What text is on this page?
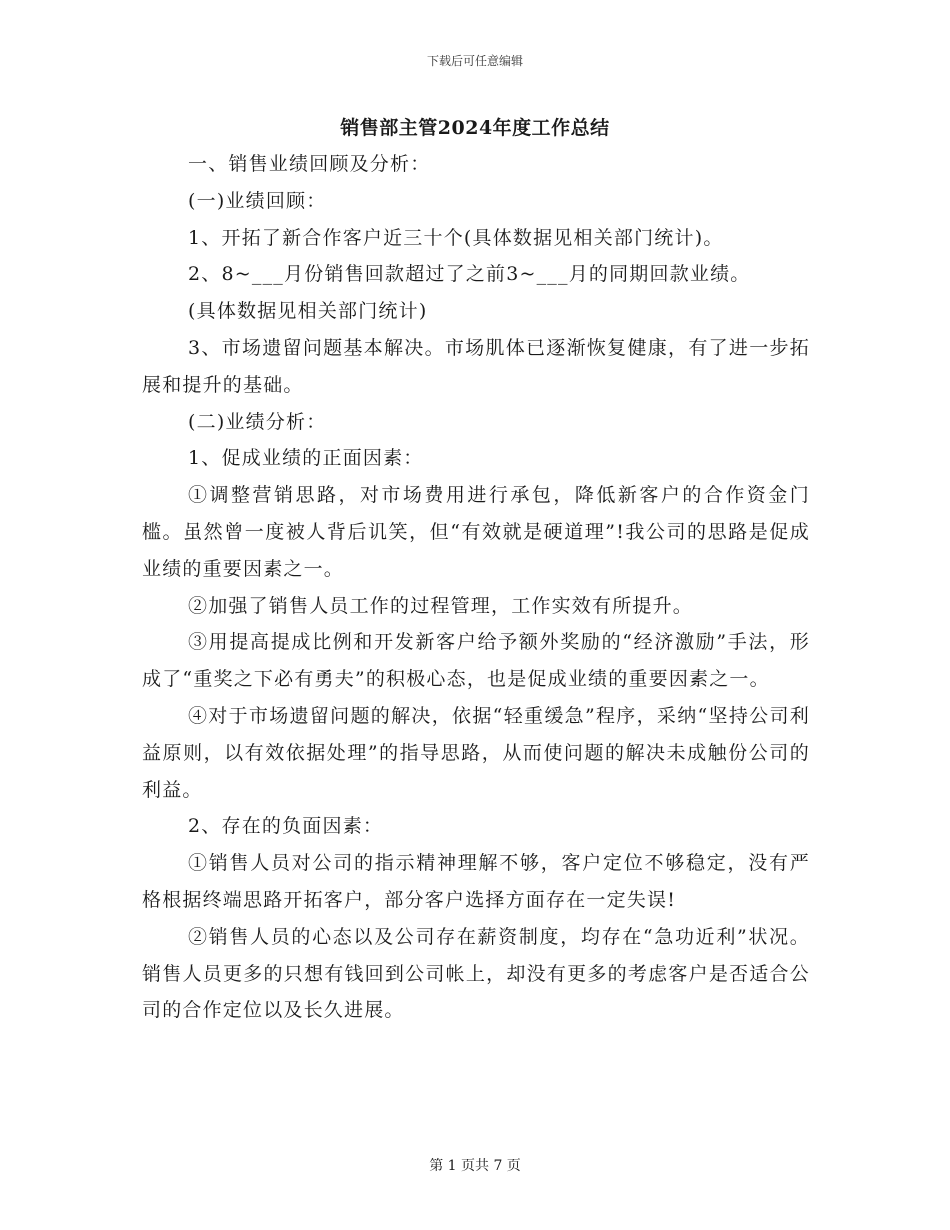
下载后可任意编辑
销售部主管2024年度工作总结

一、销售业绩回顾及分析：

(一)业绩回顾：

1、开拓了新合作客户近三十个(具体数据见相关部门统计)。

2、8~___月份销售回款超过了之前3~___月的同期回款业绩。

(具体数据见相关部门统计)

3、市场遗留问题基本解决。市场肌体已逐渐恢复健康，有了进一步拓展和提升的基础。

(二)业绩分析：

1、促成业绩的正面因素：

①调整营销思路，对市场费用进行承包，降低新客户的合作资金门槛。虽然曾一度被人背后讥笑，但“有效就是硬道理”!我公司的思路是促成业绩的重要因素之一。

②加强了销售人员工作的过程管理，工作实效有所提升。

③用提高提成比例和开发新客户给予额外奖励的“经济激励”手法，形成了“重奖之下必有勇夫”的积极心态，也是促成业绩的重要因素之一。

④对于市场遗留问题的解决，依据“轻重缓急”程序，采纳“坚持公司利益原则，以有效依据处理”的指导思路，从而使问题的解决未成触份公司的利益。

2、存在的负面因素：

①销售人员对公司的指示精神理解不够，客户定位不够稳定，没有严格根据终端思路开拓客户，部分客户选择方面存在一定失误!

②销售人员的心态以及公司存在薪资制度，均存在“急功近利”状况。销售人员更多的只想有钱回到公司帐上，却没有更多的考虑客户是否适合公司的合作定位以及长久进展。

第 1 页共 7 页
